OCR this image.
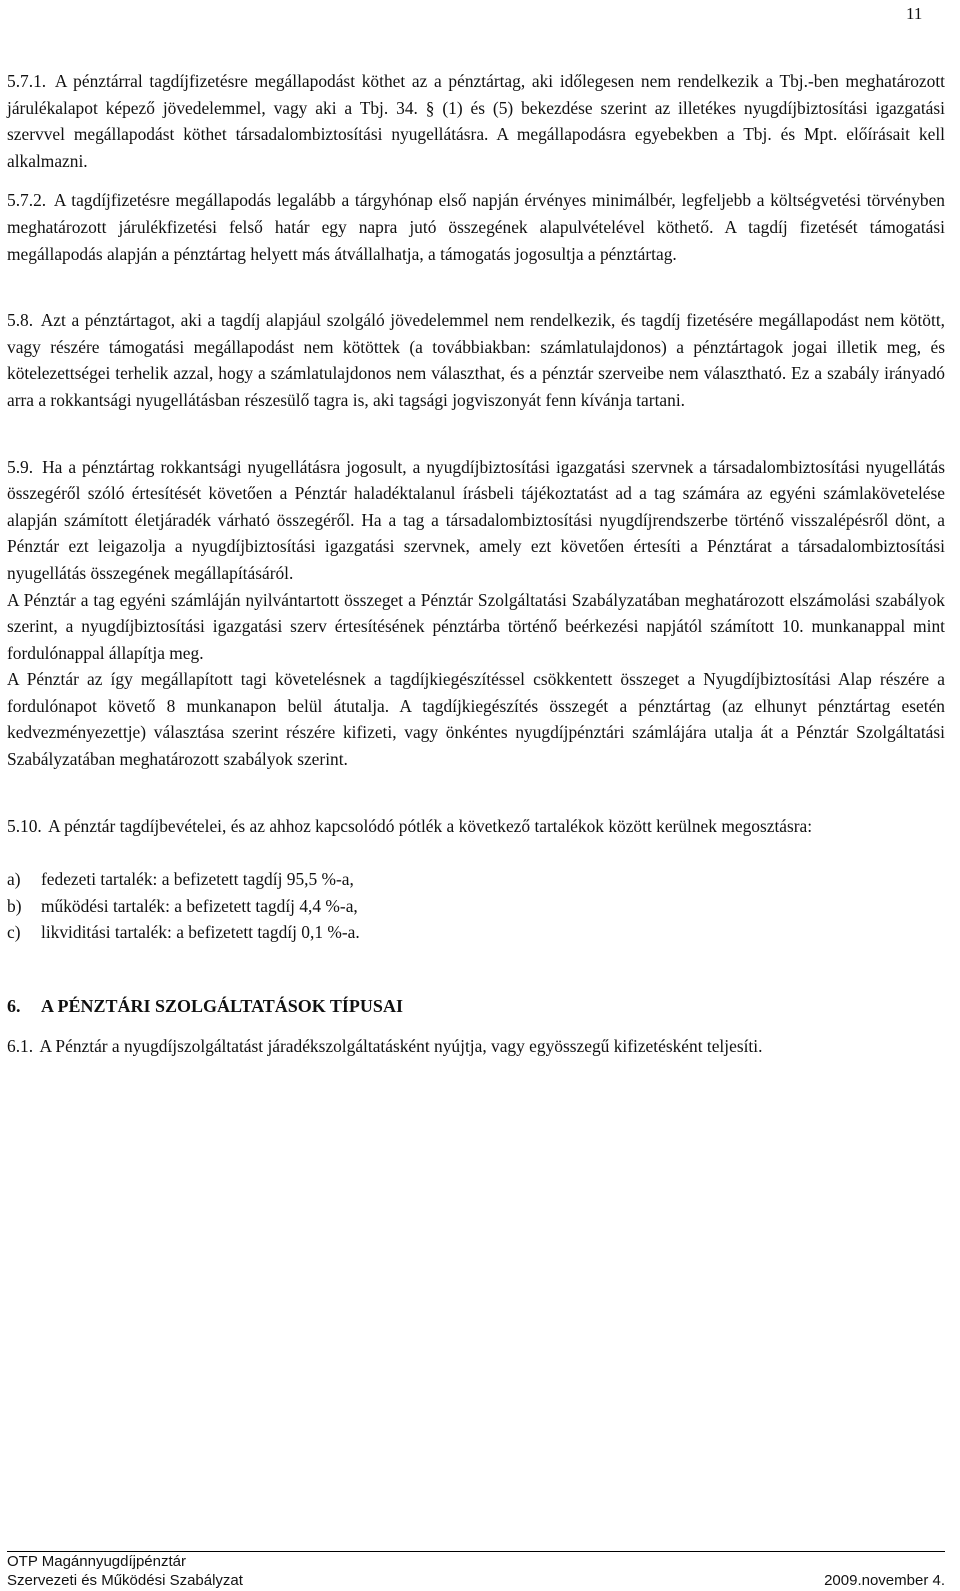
11

5.7.1. A pénztárral tagdíjfizetésre megállapodást köthet az a pénztártag, aki időlegesen nem rendelkezik a Tbj.-ben meghatározott járulékalapot képező jövedelemmel, vagy aki a Tbj. 34. § (1) és (5) bekezdése szerint az illetékes nyugdíjbiztosítási igazgatási szervvel megállapodást köthet társadalombiztosítási nyugellátásra. A megállapodásra egyebekben a Tbj. és Mpt. előírásait kell alkalmazni.

5.7.2. A tagdíjfizetésre megállapodás legalább a tárgyhónap első napján érvényes minimálbér, legfeljebb a költségvetési törvényben meghatározott járulékfizetési felső határ egy napra jutó összegének alapulvételével köthető. A tagdíj fizetését támogatási megállapodás alapján a pénztártag helyett más átvállalhatja, a támogatás jogosultja a pénztártag.

5.8. Azt a pénztártagot, aki a tagdíj alapjául szolgáló jövedelemmel nem rendelkezik, és tagdíj fizetésére megállapodást nem kötött, vagy részére támogatási megállapodást nem kötöttek (a továbbiakban: számlatulajdonos) a pénztártagok jogai illetik meg, és kötelezettségei terhelik azzal, hogy a számlatulajdonos nem választhat, és a pénztár szerveibe nem választható. Ez a szabály irányadó arra a rokkantsági nyugellátásban részesülő tagra is, aki tagsági jogviszonyát fenn kívánja tartani.

5.9. Ha a pénztártag rokkantsági nyugellátásra jogosult, a nyugdíjbiztosítási igazgatási szervnek a társadalombiztosítási nyugellátás összegéről szóló értesítését követően a Pénztár haladéktalanul írásbeli tájékoztatást ad a tag számára az egyéni számlakövetelése alapján számított életjáradék várható összegéről. Ha a tag a társadalombiztosítási nyugdíjrendszerbe történő visszalépésről dönt, a Pénztár ezt leigazolja a nyugdíjbiztosítási igazgatási szervnek, amely ezt követően értesíti a Pénztárat a társadalombiztosítási nyugellátás összegének megállapításáról.

A Pénztár a tag egyéni számláján nyilvántartott összeget a Pénztár Szolgáltatási Szabályzatában meghatározott elszámolási szabályok szerint, a nyugdíjbiztosítási igazgatási szerv értesítésének pénztárba történő beérkezési napjától számított 10. munkanappal mint fordulónappal állapítja meg.

A Pénztár az így megállapított tagi követelésnek a tagdíjkiegészítéssel csökkentett összeget a Nyugdíjbiztosítási Alap részére a fordulónapot követő 8 munkanapon belül átutalja. A tagdíjkiegészítés összegét a pénztártag (az elhunyt pénztártag esetén kedvezményezettje) választása szerint részére kifizeti, vagy önkéntes nyugdíjpénztári számlájára utalja át a Pénztár Szolgáltatási Szabályzatában meghatározott szabályok szerint.

5.10. A pénztár tagdíjbevételei, és az ahhoz kapcsolódó pótlék a következő tartalékok között kerülnek megosztásra:

a)	fedezeti tartalék: a befizetett tagdíj 95,5 %-a,
b)	működési tartalék: a befizetett tagdíj 4,4 %-a,
c)	likviditási tartalék: a befizetett tagdíj 0,1 %-a.
6.	A PÉNZTÁRI SZOLGÁLTATÁSOK TÍPUSAI

6.1. A Pénztár a nyugdíjszolgáltatást járadékszolgáltatásként nyújtja, vagy egyösszegű kifizetésként teljesíti.

OTP Magánnyugdíjpénztár
Szervezeti és Működési Szabályzat	2009.november 4.
